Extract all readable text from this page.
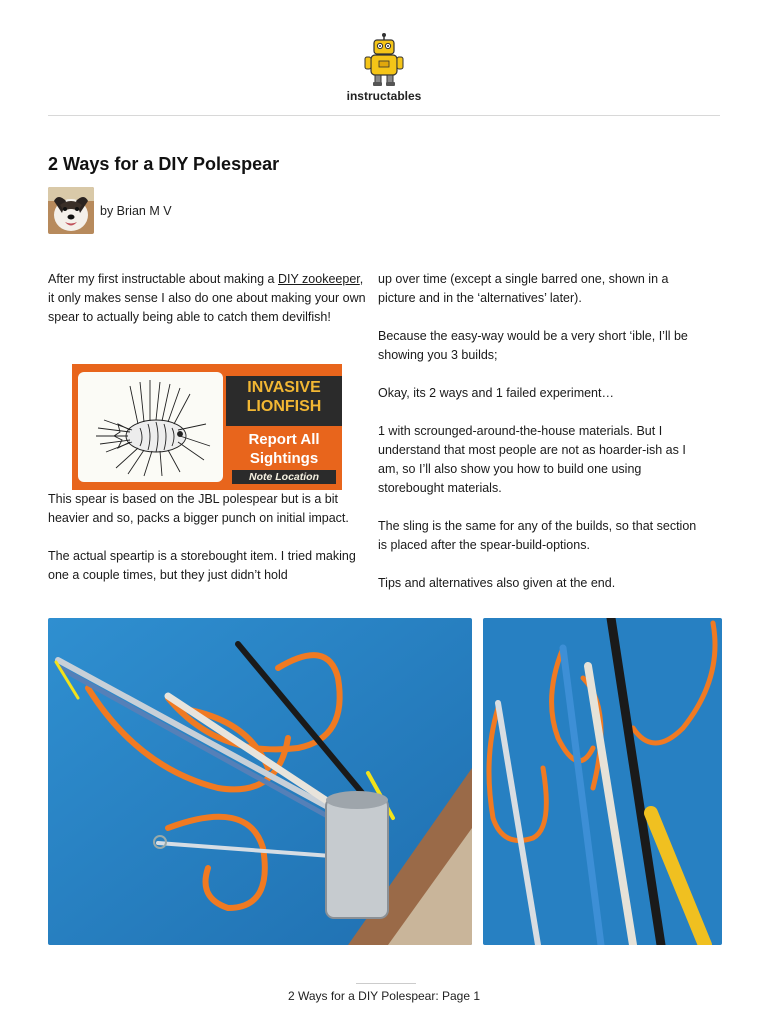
instructables
2 Ways for a DIY Polespear
by Brian M V

After my first instructable about making a DIY zookeeper, it only makes sense I also do one about making your own spear to actually being able to catch them devilfish!

INVASIVE
LIONFISH
Report All
Sightings
Note Location

This spear is based on the JBL polespear but is a bit heavier and so, packs a bigger punch on initial impact.

The actual speartip is a storebought item. I tried making one a couple times, but they just didn’t hold

up over time (except a single barred one, shown in a picture and in the ‘alternatives’ later).

Because the easy-way would be a very short ‘ible, I’ll be showing you 3 builds;

Okay, its 2 ways and 1 failed experiment…

1 with scrounged-around-the-house materials. But I understand that most people are not as hoarder-ish as I am, so I’ll also show you how to build one using storebought materials.

The sling is the same for any of the builds, so that section is placed after the spear-build-options.

Tips and alternatives also given at the end.

2 Ways for a DIY Polespear: Page 1
